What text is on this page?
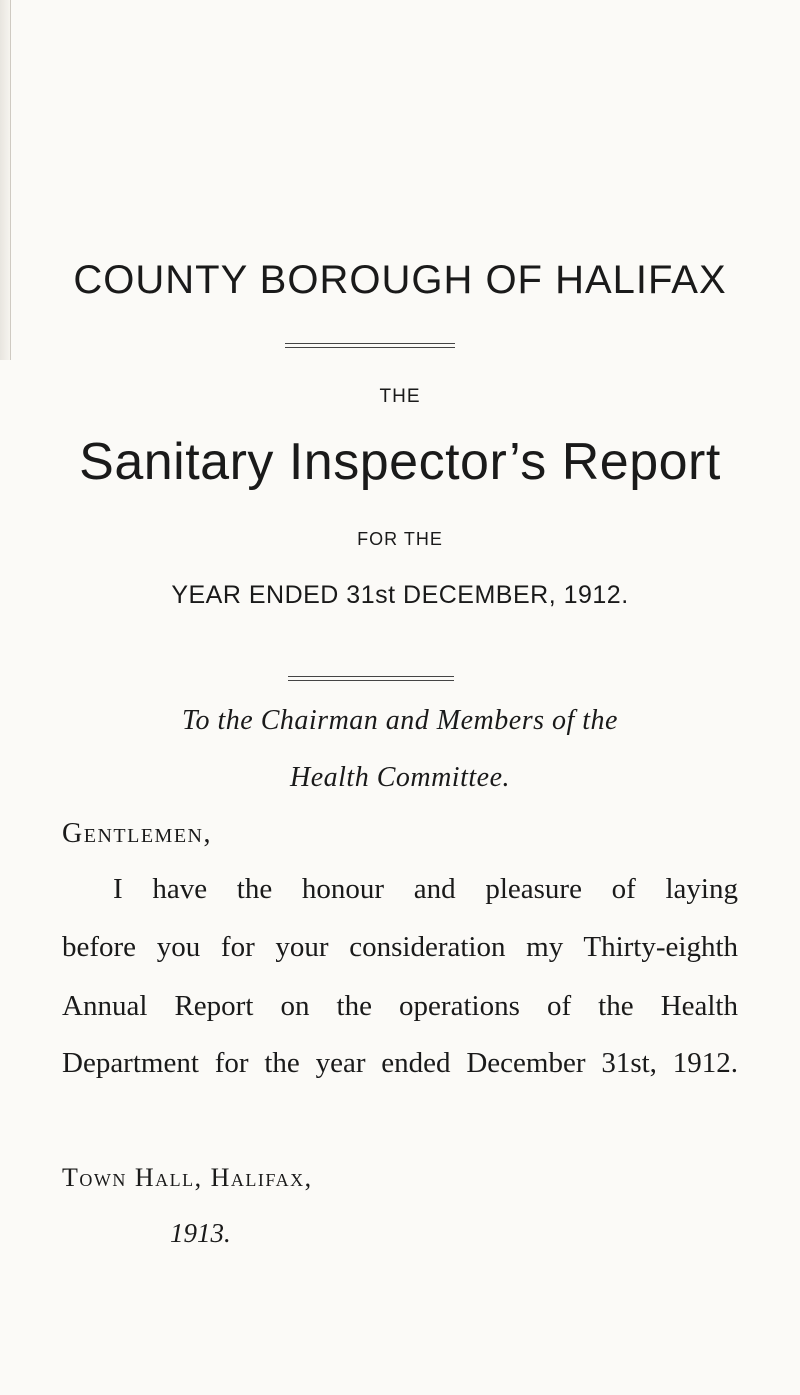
COUNTY BOROUGH OF HALIFAX
THE
Sanitary Inspector’s Report
FOR THE
YEAR ENDED 31st DECEMBER, 1912.
To the Chairman and Members of the
Health Committee.
Gentlemen,
I have the honour and pleasure of laying
before you for your consideration my Thirty-eighth
Annual Report on the operations of the Health
Department for the year ended December 31st, 1912.
Town Hall, Halifax,
1913.
